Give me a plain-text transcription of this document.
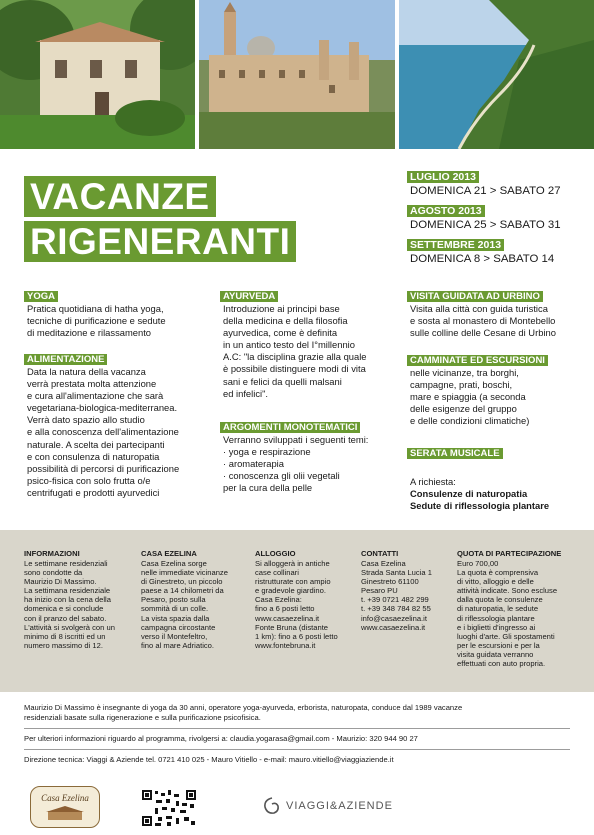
VACANZE
RIGENERANTI
LUGLIO 2013
DOMENICA 21 > SABATO 27
AGOSTO 2013
DOMENICA 25 > SABATO 31
SETTEMBRE 2013
DOMENICA 8 > SABATO 14
YOGA
Pratica quotidiana di hatha yoga,
tecniche di purificazione e sedute
di meditazione e rilassamento
ALIMENTAZIONE
Data la natura della vacanza
verrà prestata molta attenzione
e cura all'alimentazione che sarà
vegetariana-biologica-mediterranea.
Verrà dato spazio allo studio
e alla conoscenza dell'alimentazione
naturale. A scelta dei partecipanti
e con consulenza di naturopatia
possibilità di percorsi di purificazione
psico-fisica con solo frutta o/e
centrifugati e prodotti ayurvedici
AYURVEDA
Introduzione ai principi base
della medicina e della filosofia
ayurvedica, come è definita
in un antico testo del I°millennio
A.C: "la disciplina grazie alla quale
è possibile distinguere modi di vita
sani e felici da quelli malsani
ed infelici".
ARGOMENTI MONOTEMATICI
Verranno sviluppati i seguenti temi:
· yoga e respirazione
· aromaterapia
· conoscenza gli olii vegetali
per la cura della pelle
VISITA GUIDATA AD URBINO
Visita alla città con guida turistica
e sosta al monastero di Montebello
sulle colline delle Cesane di Urbino
CAMMINATE ED ESCURSIONI
nelle vicinanze, tra borghi,
campagne, prati, boschi,
mare e spiaggia (a seconda
delle esigenze del gruppo
e delle condizioni climatiche)
SERATA MUSICALE
A richiesta:
Consulenze di naturopatia
Sedute di riflessologia plantare
INFORMAZIONI
Le settimane residenziali
sono condotte da
Maurizio Di Massimo.
La settimana residenziale
ha inizio con la cena della
domenica e si conclude
con il pranzo del sabato.
L'attività si svolgerà con un
minimo di 8 iscritti ed un
numero massimo di 12.
CASA EZELINA
Casa Ezelina sorge
nelle immediate vicinanze
di Ginestreto, un piccolo
paese a 14 chilometri da
Pesaro, posto sulla
sommità di un colle.
La vista spazia dalla
campagna circostante
verso il Montefeltro,
fino al mare Adriatico.
ALLOGGIO
Si alloggerà in antiche
case collinari
ristrutturate con ampio
e gradevole giardino.
Casa Ezelina:
fino a 6 posti letto
www.casaezelina.it
Fonte Bruna (distante
1 km): fino a 6 posti letto
www.fontebruna.it
CONTATTI
Casa Ezelina
Strada Santa Lucia 1
Ginestreto 61100
Pesaro PU
t. +39 0721 482 299
t. +39 348 784 82 55
info@casaezelina.it
www.casaezelina.it
QUOTA DI PARTECIPAZIONE
Euro 700,00
La quota è comprensiva
di vitto, alloggio e delle
attività indicate. Sono escluse
dalla quota le consulenze
di naturopatia, le sedute
di riflessologia plantare
e i biglietti d'ingresso ai
luoghi d'arte. Gli spostamenti
per le escursioni e per la
visita guidata verranno
effettuati con auto propria.
Maurizio Di Massimo è insegnante di yoga da 30 anni, operatore yoga-ayurveda, erborista, naturopata, conduce dal 1989 vacanze
residenziali basate sulla rigenerazione e sulla purificazione psicofisica.
Per ulteriori informazioni riguardo al programma, rivolgersi a: claudia.yogarasa@gmail.com - Maurizio: 320 944 90 27
Direzione tecnica: Viaggi & Aziende tel. 0721 410 025 - Mauro Vitiello - e-mail: mauro.vitiello@viaggiaziende.it
Casa Ezelina
VIAGGI&AZIENDE
